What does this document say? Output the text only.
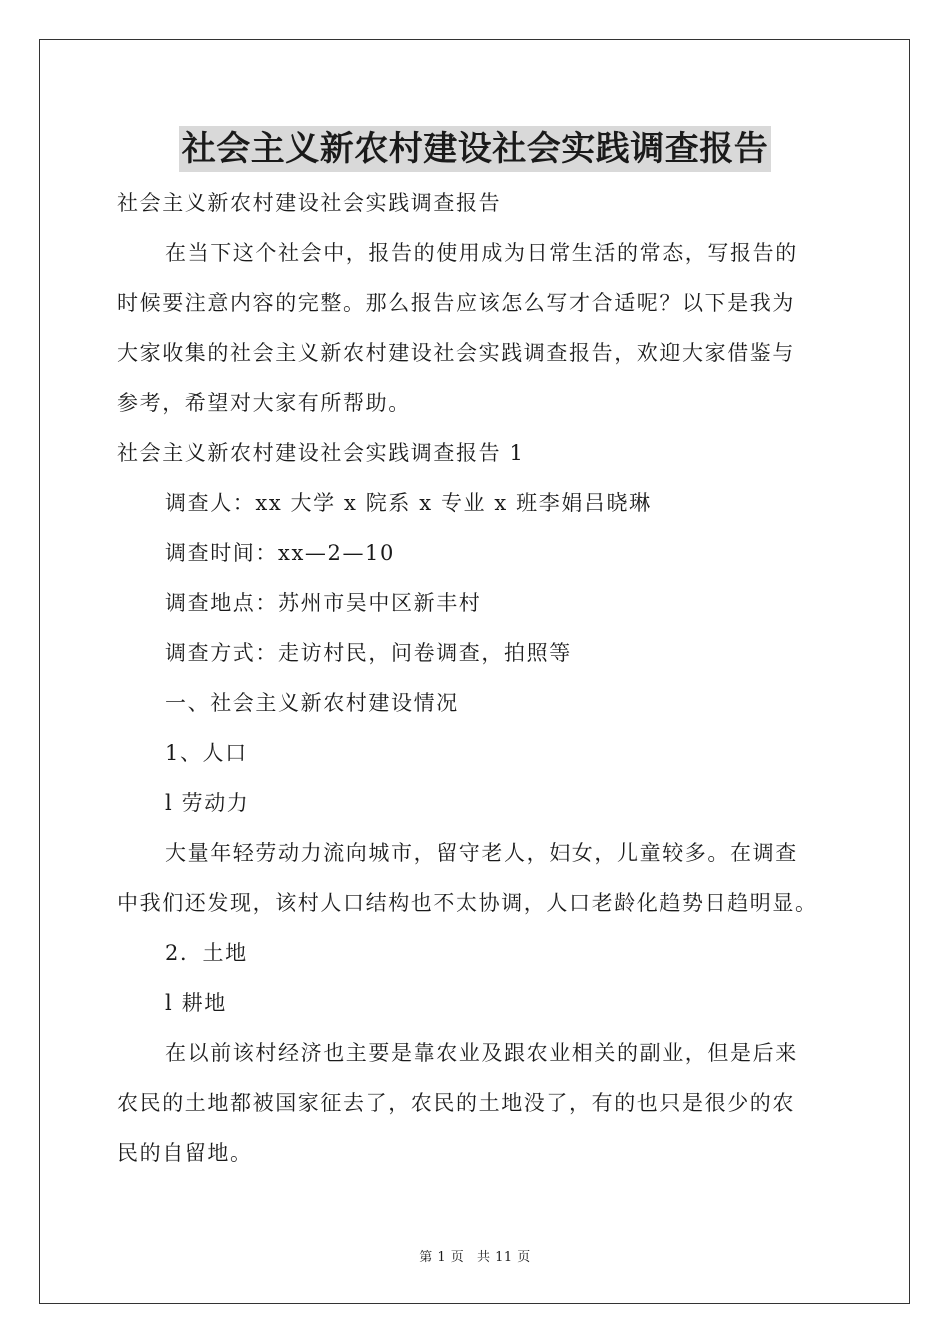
社会主义新农村建设社会实践调查报告

社会主义新农村建设社会实践调查报告

在当下这个社会中，报告的使用成为日常生活的常态，写报告的

时候要注意内容的完整。那么报告应该怎么写才合适呢？以下是我为

大家收集的社会主义新农村建设社会实践调查报告，欢迎大家借鉴与

参考，希望对大家有所帮助。

社会主义新农村建设社会实践调查报告 1

调查人：xx 大学 x 院系 x 专业 x 班李娟吕晓琳

调查时间：xx—2—10

调查地点：苏州市吴中区新丰村

调查方式：走访村民，问卷调查，拍照等

一、社会主义新农村建设情况

1、人口

l 劳动力

大量年轻劳动力流向城市，留守老人，妇女，儿童较多。在调查

中我们还发现，该村人口结构也不太协调，人口老龄化趋势日趋明显。

2．土地

l 耕地

在以前该村经济也主要是靠农业及跟农业相关的副业，但是后来

农民的土地都被国家征去了，农民的土地没了，有的也只是很少的农

民的自留地。

第 1 页 共 11 页
